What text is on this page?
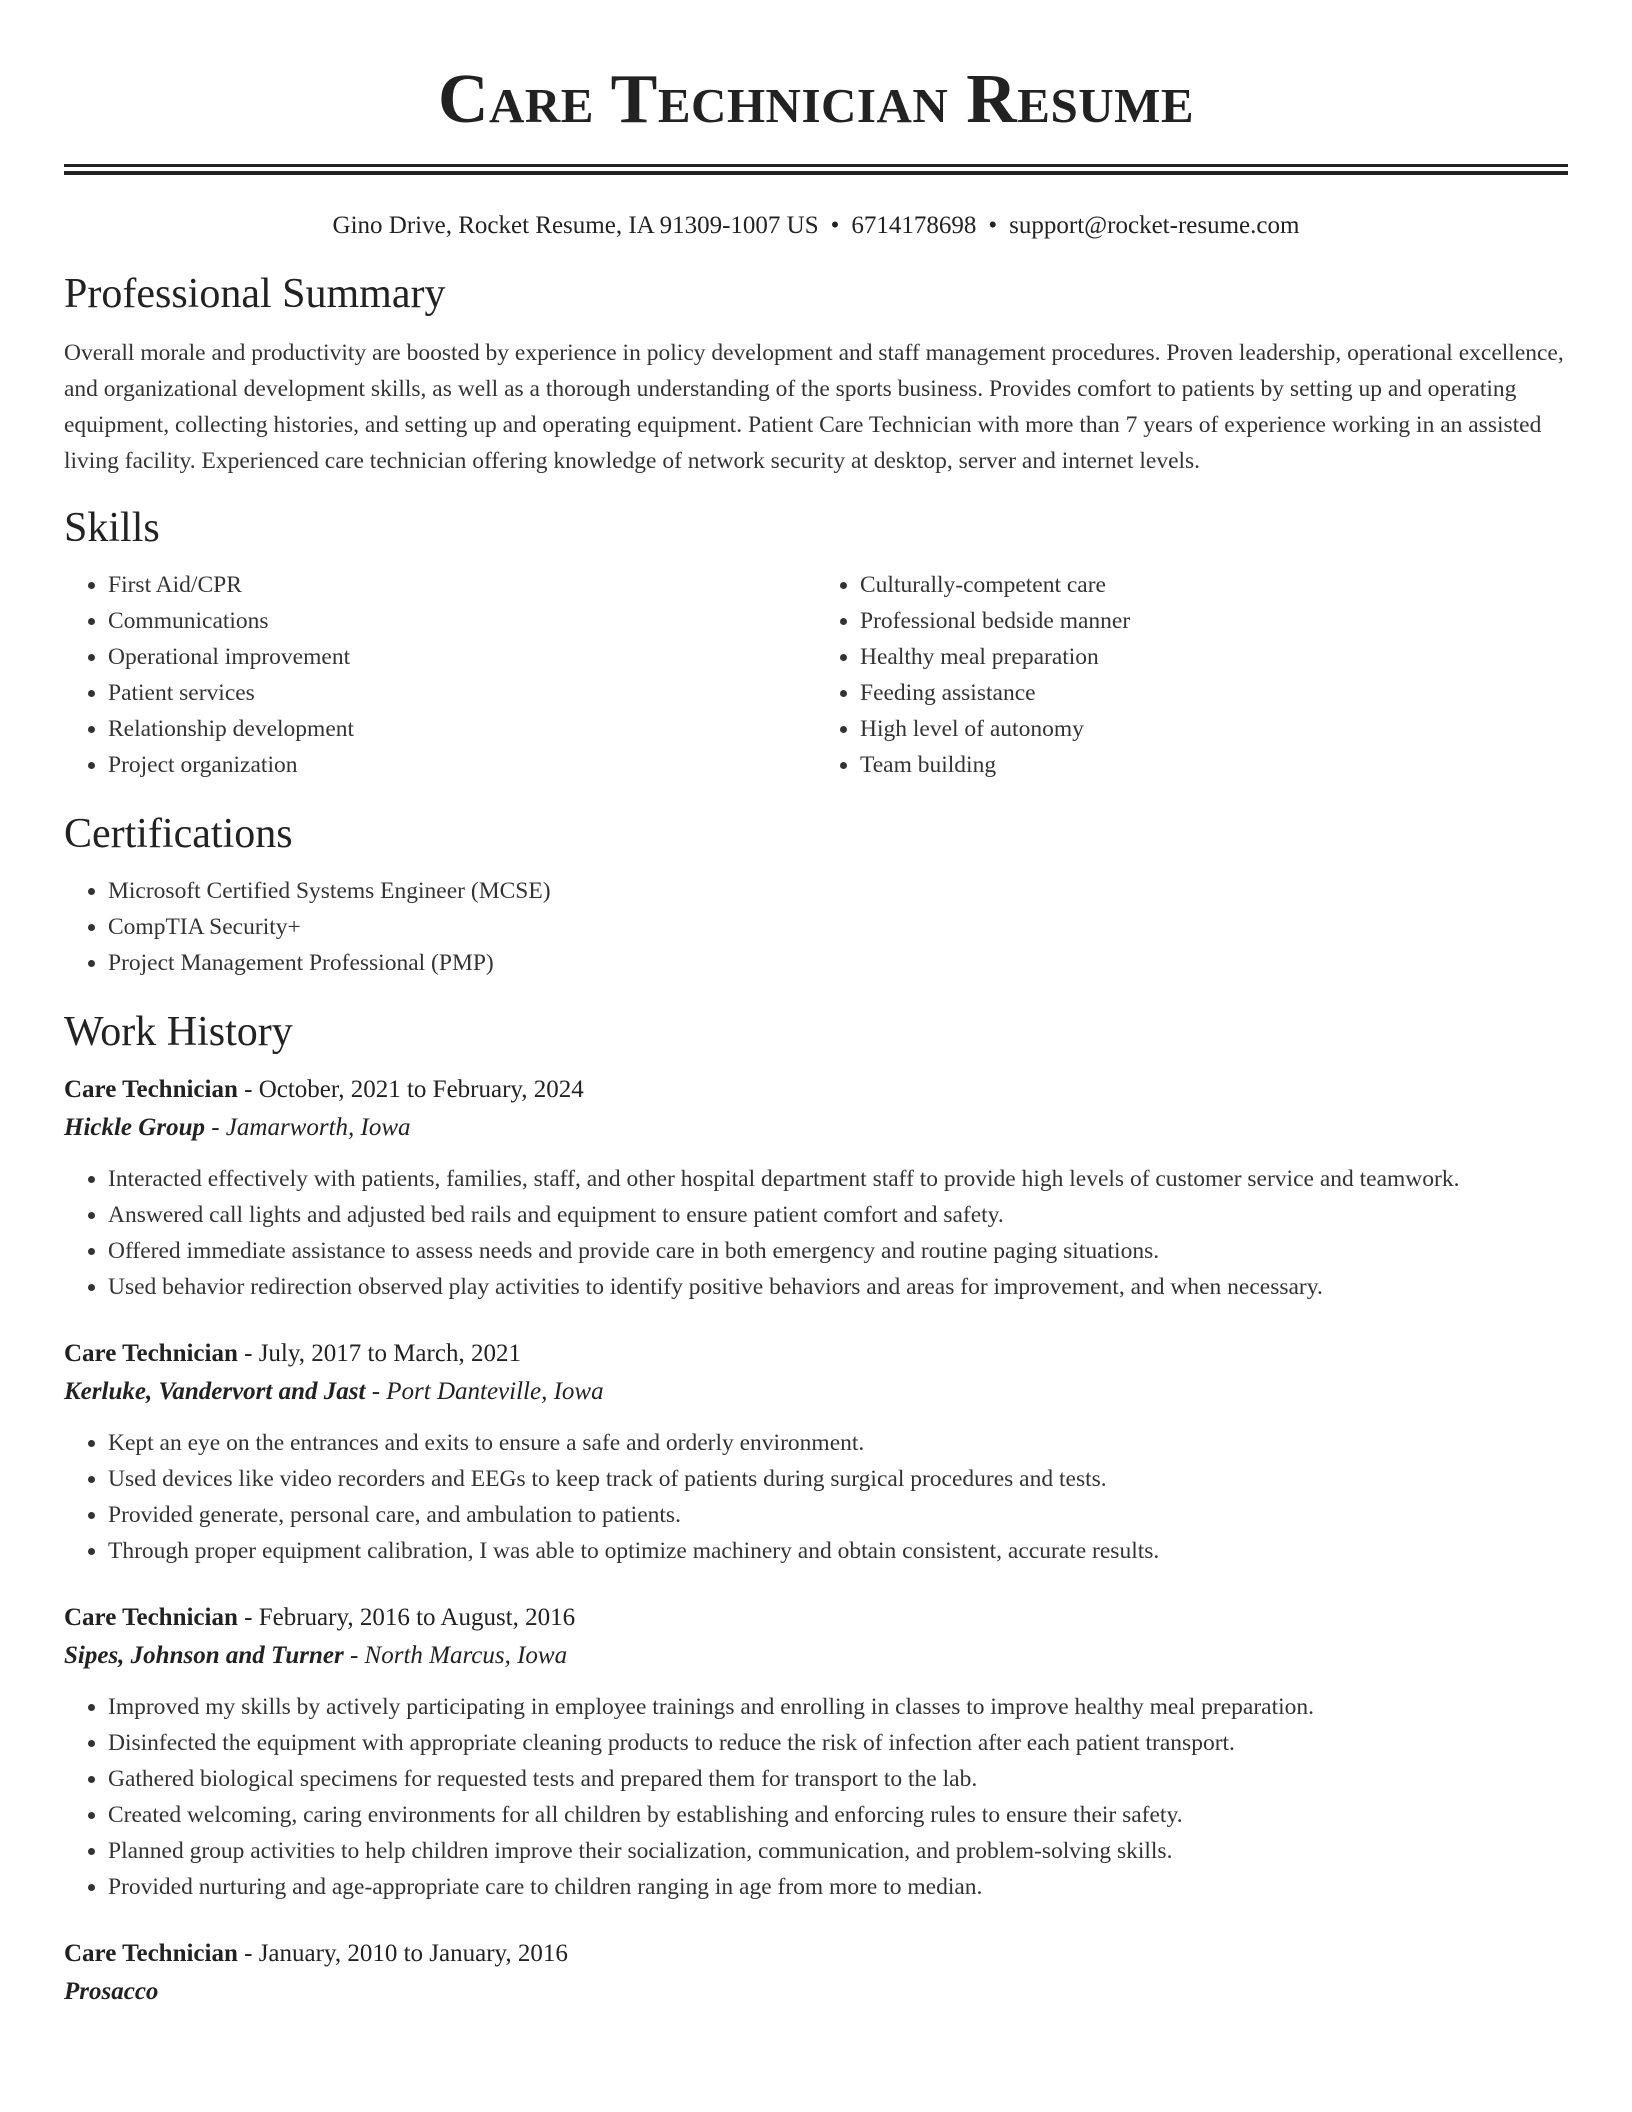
Care Technician Resume
Gino Drive, Rocket Resume, IA 91309-1007 US • 6714178698 • support@rocket-resume.com
Professional Summary

Overall morale and productivity are boosted by experience in policy development and staff management procedures. Proven leadership, operational excellence, and organizational development skills, as well as a thorough understanding of the sports business. Provides comfort to patients by setting up and operating equipment, collecting histories, and setting up and operating equipment. Patient Care Technician with more than 7 years of experience working in an assisted living facility. Experienced care technician offering knowledge of network security at desktop, server and internet levels.

Skills
• First Aid/CPR
• Communications
• Operational improvement
• Patient services
• Relationship development
• Project organization
• Culturally-competent care
• Professional bedside manner
• Healthy meal preparation
• Feeding assistance
• High level of autonomy
• Team building
Certifications
• Microsoft Certified Systems Engineer (MCSE)
• CompTIA Security+
• Project Management Professional (PMP)
Work History
Care Technician - October, 2021 to February, 2024
Hickle Group - Jamarworth, Iowa
• Interacted effectively with patients, families, staff, and other hospital department staff to provide high levels of customer service and teamwork.
• Answered call lights and adjusted bed rails and equipment to ensure patient comfort and safety.
• Offered immediate assistance to assess needs and provide care in both emergency and routine paging situations.
• Used behavior redirection observed play activities to identify positive behaviors and areas for improvement, and when necessary.
Care Technician - July, 2017 to March, 2021
Kerluke, Vandervort and Jast - Port Danteville, Iowa
• Kept an eye on the entrances and exits to ensure a safe and orderly environment.
• Used devices like video recorders and EEGs to keep track of patients during surgical procedures and tests.
• Provided generate, personal care, and ambulation to patients.
• Through proper equipment calibration, I was able to optimize machinery and obtain consistent, accurate results.
Care Technician - February, 2016 to August, 2016
Sipes, Johnson and Turner - North Marcus, Iowa
• Improved my skills by actively participating in employee trainings and enrolling in classes to improve healthy meal preparation.
• Disinfected the equipment with appropriate cleaning products to reduce the risk of infection after each patient transport.
• Gathered biological specimens for requested tests and prepared them for transport to the lab.
• Created welcoming, caring environments for all children by establishing and enforcing rules to ensure their safety.
• Planned group activities to help children improve their socialization, communication, and problem-solving skills.
• Provided nurturing and age-appropriate care to children ranging in age from more to median.
Care Technician - January, 2010 to January, 2016
Prosacco
